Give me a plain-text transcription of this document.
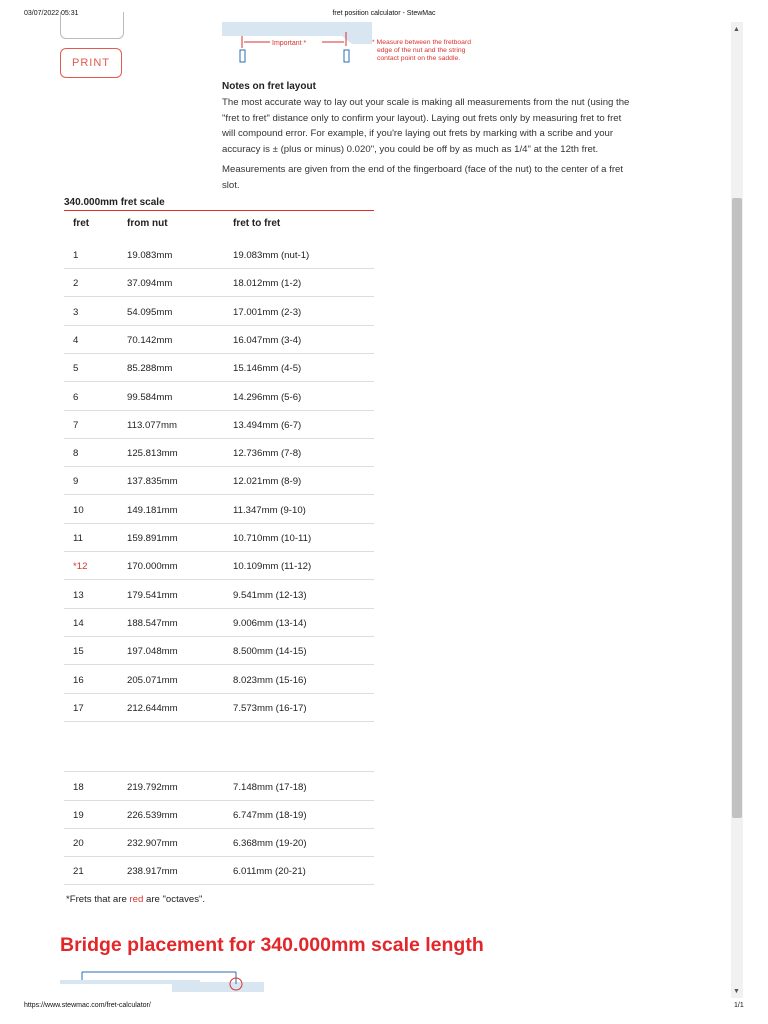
03/07/2022 05:31	fret position calculator - StewMac
PRINT
Important *	* Measure between the fretboard
edge of the nut and the string
contact point on the saddle.
Notes on fret layout
The most accurate way to lay out your scale is making all measurements from the nut (using the
"fret to fret" distance only to confirm your layout). Laying out frets only by measuring fret to fret
will compound error. For example, if you're laying out frets by marking with a scribe and your
accuracy is ± (plus or minus) 0.020", you could be off by as much as 1/4" at the 12th fret.
Measurements are given from the end of the fingerboard (face of the nut) to the center of a fret
slot.
340.000mm fret scale
fret	from nut	fret to fret
1	19.083mm	19.083mm (nut-1)
2	37.094mm	18.012mm (1-2)
3	54.095mm	17.001mm (2-3)
4	70.142mm	16.047mm (3-4)
5	85.288mm	15.146mm (4-5)
6	99.584mm	14.296mm (5-6)
7	113.077mm	13.494mm (6-7)
8	125.813mm	12.736mm (7-8)
9	137.835mm	12.021mm (8-9)
10	149.181mm	11.347mm (9-10)
11	159.891mm	10.710mm (10-11)
*12	170.000mm	10.109mm (11-12)
13	179.541mm	9.541mm (12-13)
14	188.547mm	9.006mm (13-14)
15	197.048mm	8.500mm (14-15)
16	205.071mm	8.023mm (15-16)
17	212.644mm	7.573mm (16-17)
18	219.792mm	7.148mm (17-18)
19	226.539mm	6.747mm (18-19)
20	232.907mm	6.368mm (19-20)
21	238.917mm	6.011mm (20-21)
*Frets that are red are "octaves".
Bridge placement for 340.000mm scale length
▲
▼
https://www.stewmac.com/fret-calculator/	1/1
